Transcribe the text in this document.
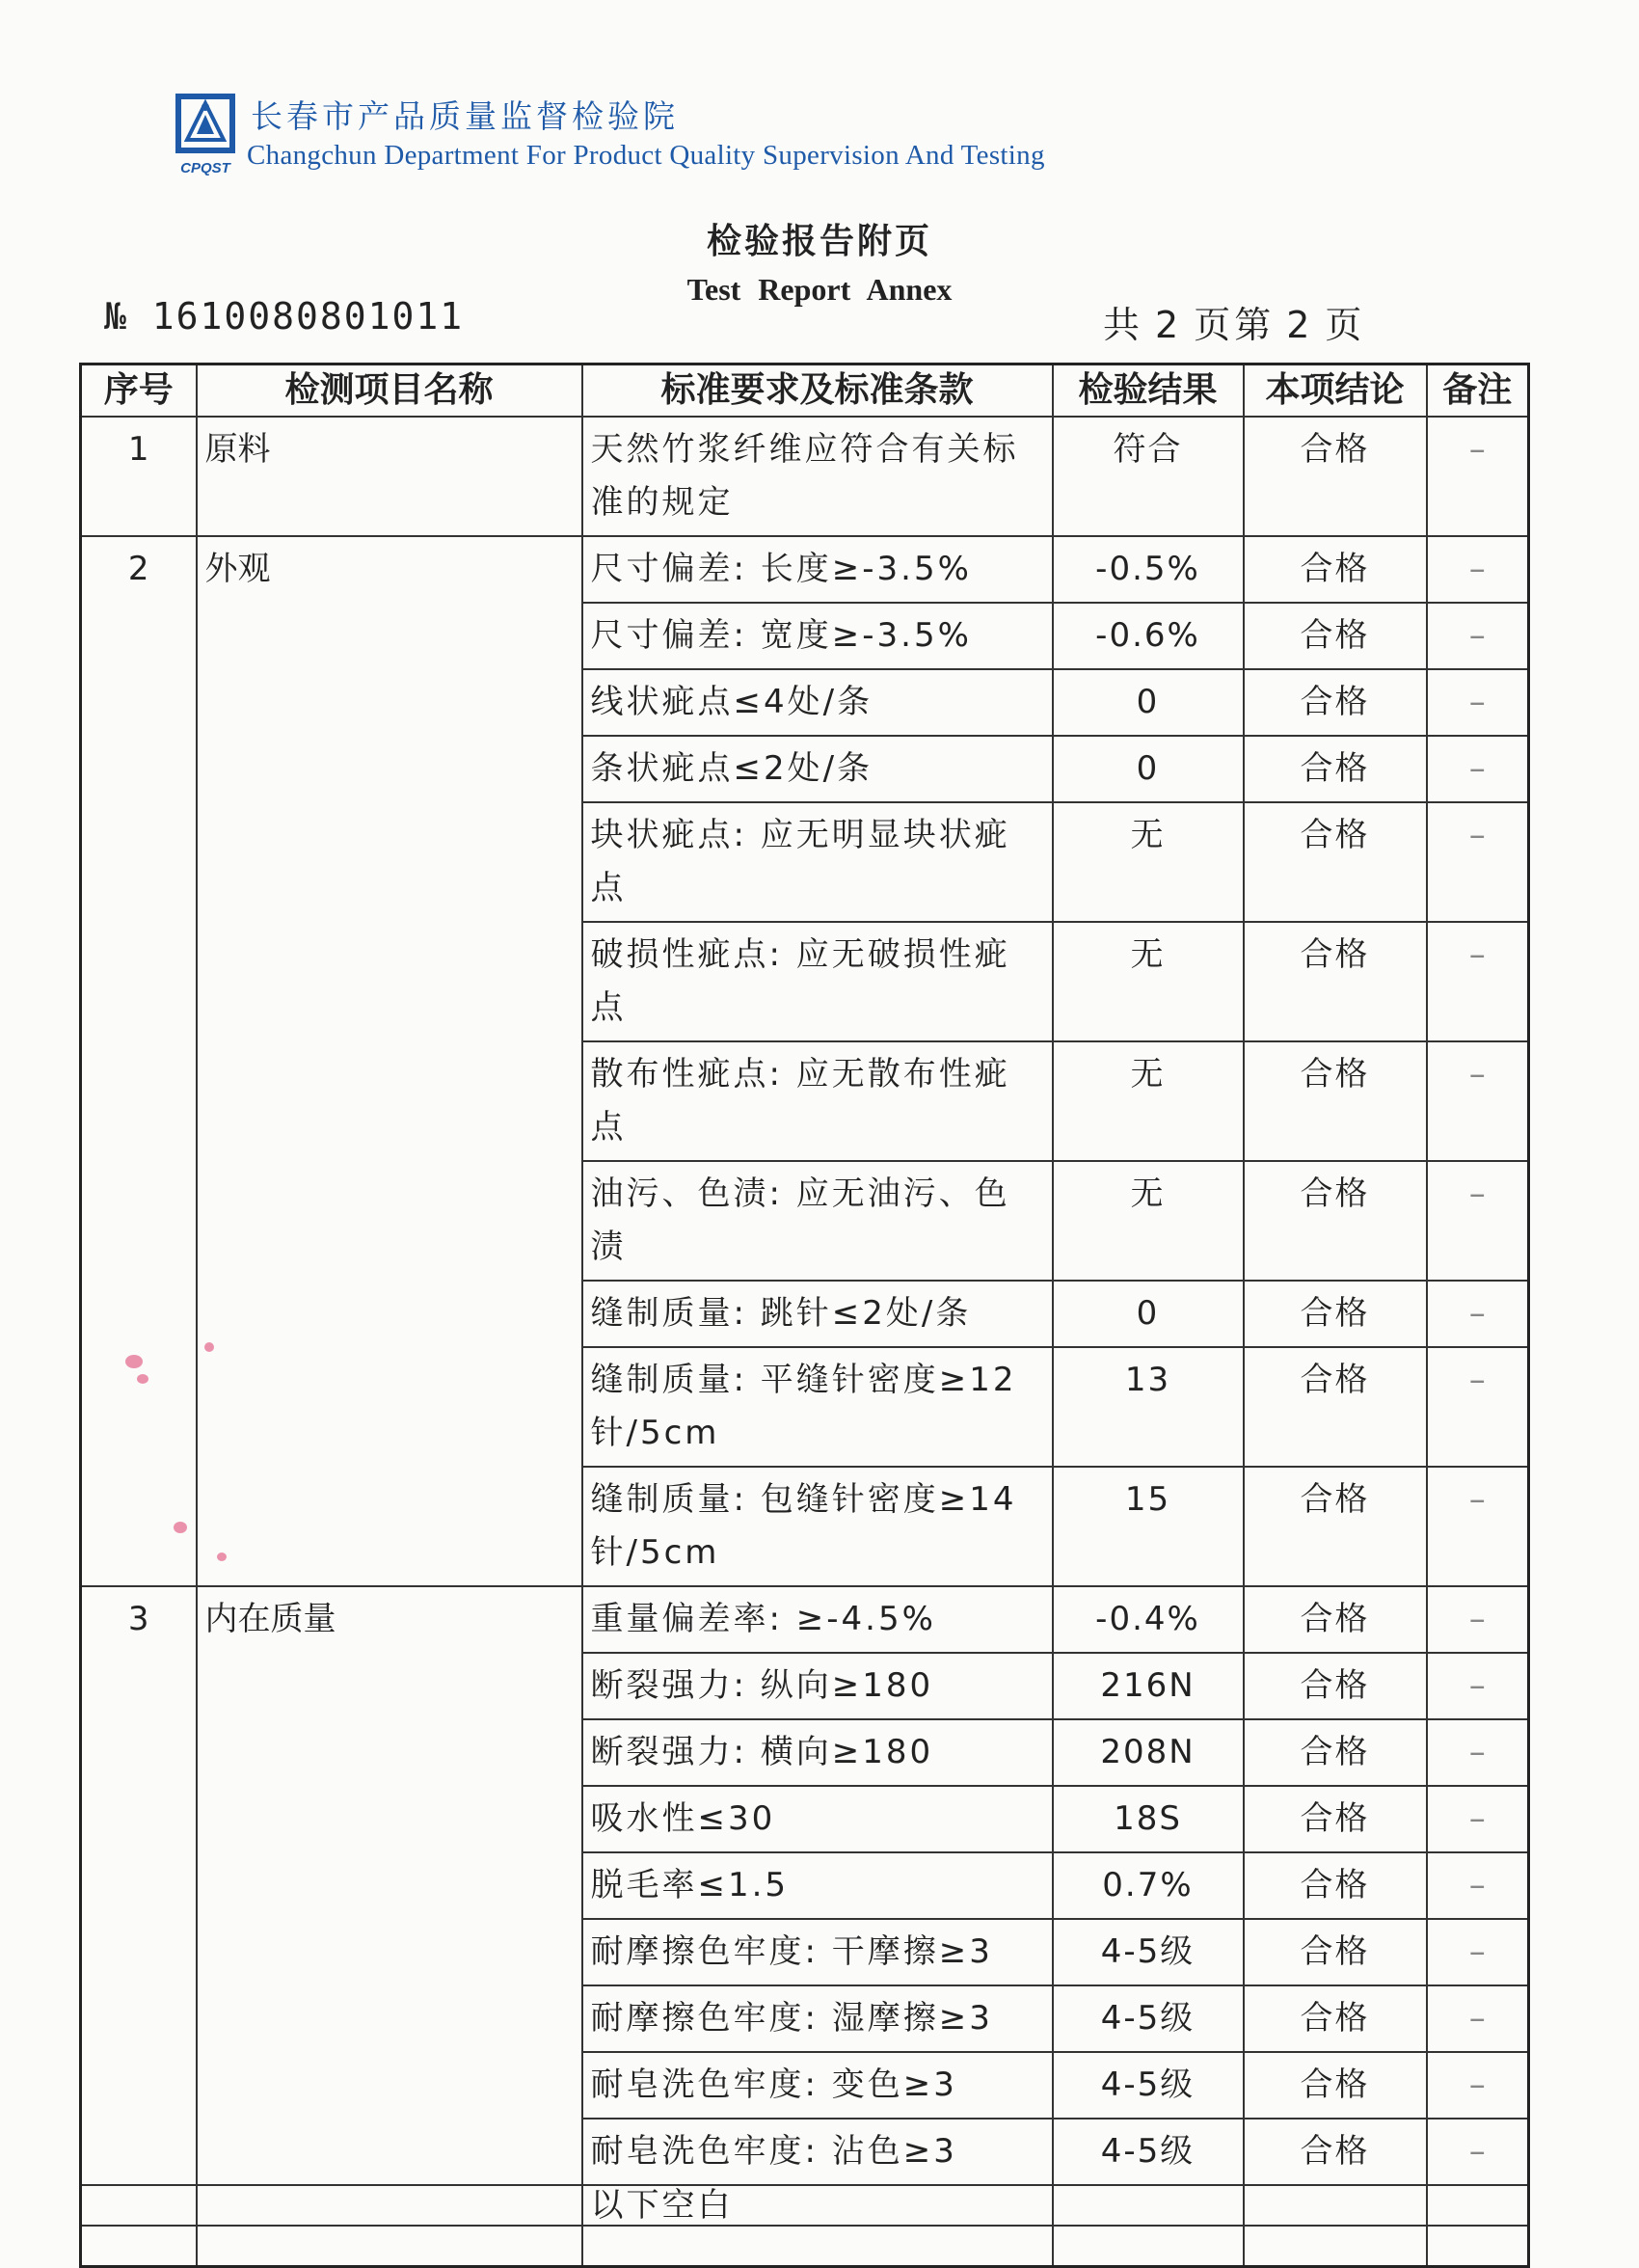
CPQST
长春市产品质量监督检验院
Changchun Department For Product Quality Supervision And Testing
检验报告附页
Test Report Annex
№ 1610080801011	共 2 页第 2 页
序号	检测项目名称	标准要求及标准条款	检验结果	本项结论	备注
1	原料	天然竹浆纤维应符合有关标准的规定	符合	合格	–
2	外观	尺寸偏差: 长度≥-3.5%	-0.5%	合格	–
		尺寸偏差: 宽度≥-3.5%	-0.6%	合格	–
		线状疵点≤4处/条	0	合格	–
		条状疵点≤2处/条	0	合格	–
		块状疵点: 应无明显块状疵点	无	合格	–
		破损性疵点: 应无破损性疵点	无	合格	–
		散布性疵点: 应无散布性疵点	无	合格	–
		油污、色渍: 应无油污、色渍	无	合格	–
		缝制质量: 跳针≤2处/条	0	合格	–
		缝制质量: 平缝针密度≥12针/5cm	13	合格	–
		缝制质量: 包缝针密度≥14针/5cm	15	合格	–
3	内在质量	重量偏差率: ≥-4.5%	-0.4%	合格	–
		断裂强力: 纵向≥180	216N	合格	–
		断裂强力: 横向≥180	208N	合格	–
		吸水性≤30	18S	合格	–
		脱毛率≤1.5	0.7%	合格	–
		耐摩擦色牢度: 干摩擦≥3	4-5级	合格	–
		耐摩擦色牢度: 湿摩擦≥3	4-5级	合格	–
		耐皂洗色牢度: 变色≥3	4-5级	合格	–
		耐皂洗色牢度: 沾色≥3	4-5级	合格	–
		以下空白			
